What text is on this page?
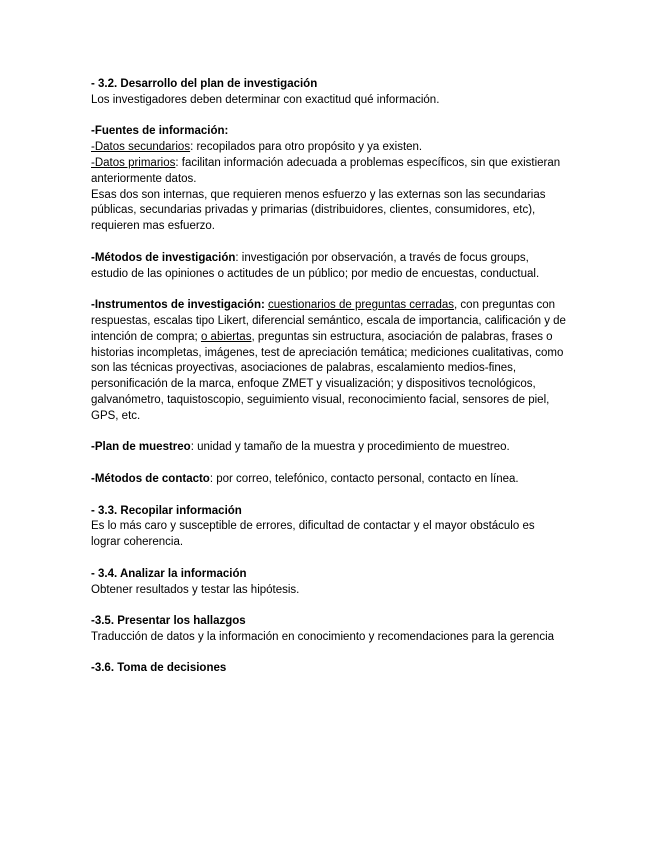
- 3.2. Desarrollo del plan de investigación

Los investigadores deben determinar con exactitud qué información.

-Fuentes de información:

-Datos secundarios: recopilados para otro propósito y ya existen.

-Datos primarios: facilitan información adecuada a problemas específicos, sin que existieran anteriormente datos.

Esas dos son internas, que requieren menos esfuerzo y las externas son las secundarias públicas, secundarias privadas y primarias (distribuidores, clientes, consumidores, etc), requieren mas esfuerzo.

-Métodos de investigación: investigación por observación, a través de focus groups, estudio de las opiniones o actitudes de un público; por medio de encuestas, conductual.

-Instrumentos de investigación: cuestionarios de preguntas cerradas, con preguntas con respuestas, escalas tipo Likert, diferencial semántico, escala de importancia, calificación y de intención de compra; o abiertas, preguntas sin estructura, asociación de palabras, frases o historias incompletas, imágenes, test de apreciación temática; mediciones cualitativas, como son las técnicas proyectivas, asociaciones de palabras, escalamiento medios-fines, personificación de la marca, enfoque ZMET y visualización; y dispositivos tecnológicos, galvanómetro, taquistoscopio, seguimiento visual, reconocimiento facial, sensores de piel, GPS, etc.

-Plan de muestreo: unidad y tamaño de la muestra y procedimiento de muestreo.

-Métodos de contacto: por correo, telefónico, contacto personal, contacto en línea.

- 3.3. Recopilar información

Es lo más caro y susceptible de errores, dificultad de contactar y el mayor obstáculo es lograr coherencia.

- 3.4. Analizar la información

Obtener resultados y testar las hipótesis.

-3.5. Presentar los hallazgos

Traducción de datos y la información en conocimiento y recomendaciones para la gerencia

-3.6. Toma de decisiones
